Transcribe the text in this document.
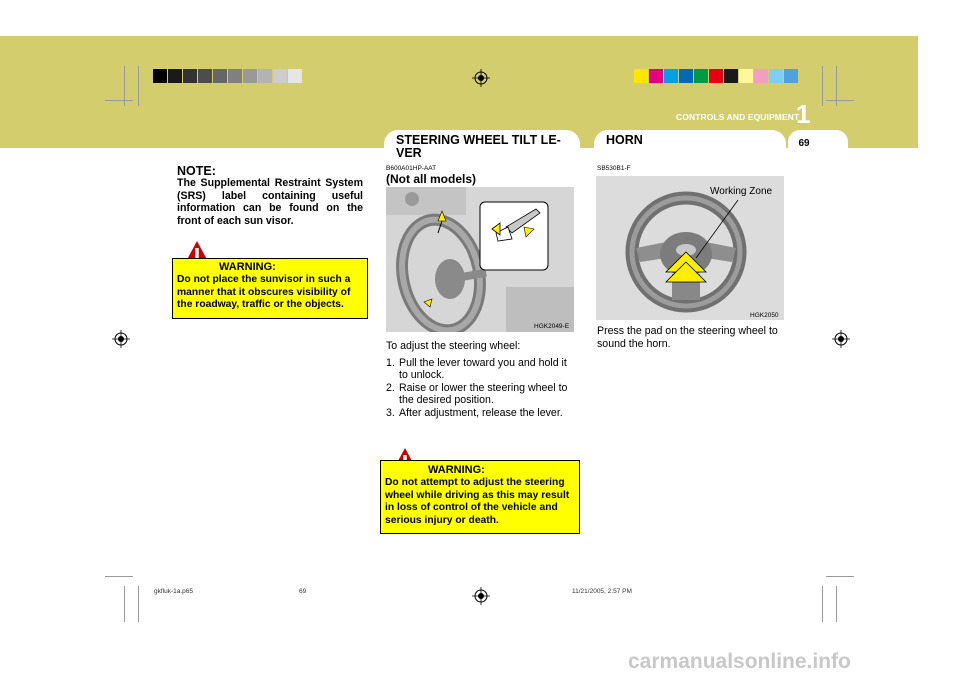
CONTROLS AND EQUIPMENT
1
69
STEERING WHEEL TILT LE-
VER
HORN
NOTE:
The Supplemental Restraint System (SRS) label containing useful information can be found on the front of each sun visor.
WARNING:
Do not place the sunvisor in such a manner that it obscures visibility of the roadway, traffic or the objects.
B600A01HP-AAT
(Not all models)
HGK2049-E
To adjust the steering wheel:
1. Pull the lever toward you and hold it to unlock.
2. Raise or lower the steering wheel to the desired position.
3. After adjustment, release the lever.
WARNING:
Do not attempt to adjust the steering wheel while driving as this may result in loss of control of the vehicle and serious injury or death.
SB530B1-F
Working Zone
HGK2050
Press the pad on the steering wheel to sound the horn.
gkfluk-1a.p65	69	11/21/2005, 2:57 PM
carmanualsonline.info
